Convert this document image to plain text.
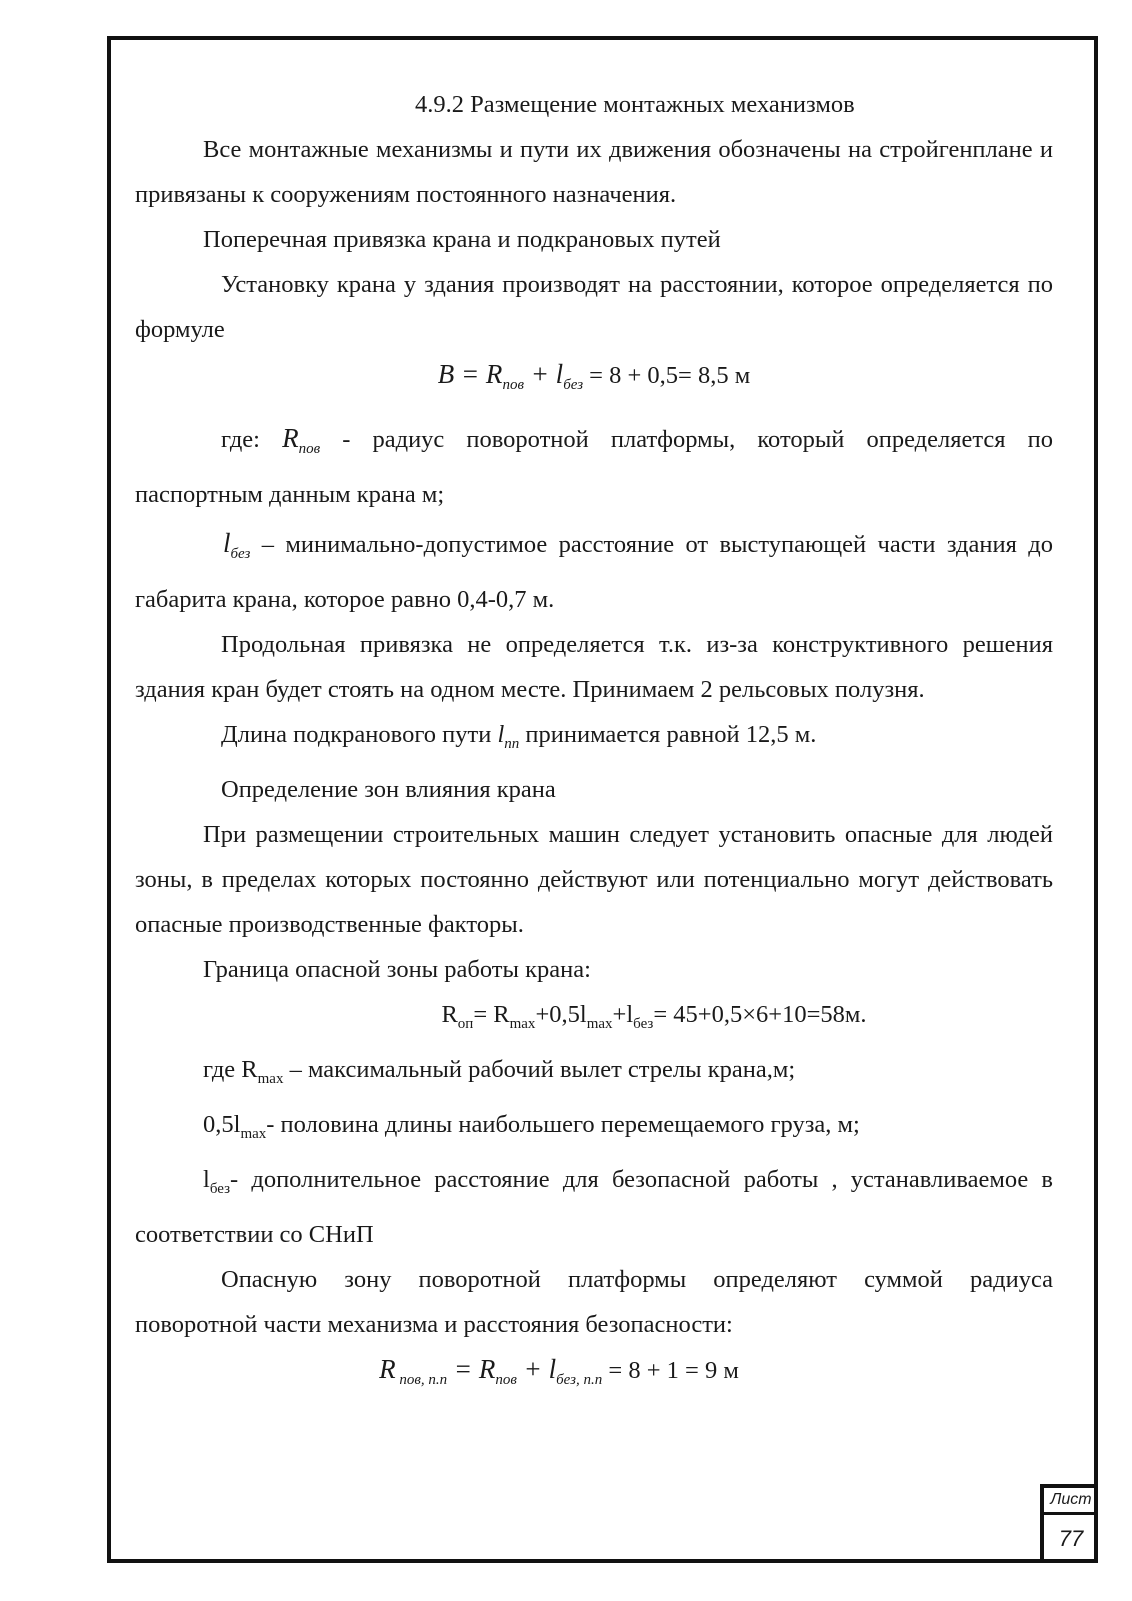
4.9.2 Размещение монтажных механизмов

Все монтажные механизмы и пути их движения обозначены на стройгенплане и привязаны к сооружениям постоянного назначения.

Поперечная привязка крана и подкрановых путей

Установку крана у здания производят на расстоянии, которое определяется по формуле

$B = R_{пов} + l_{без} = 8 + 0,5= 8,5$ м

где: $R_{пов}$ - радиус поворотной платформы, который определяется по паспортным данным крана м;

$l_{без}$ – минимально-допустимое расстояние от выступающей части здания до габарита крана, которое равно 0,4-0,7 м.

Продольная привязка не определяется т.к. из-за конструктивного решения здания кран будет стоять на одном месте. Принимаем 2 рельсовых полузня.

Длина подкранового пути $l_{пп}$ принимается равной 12,5 м.

Определение зон влияния крана

При размещении строительных машин следует установить опасные для людей зоны, в пределах которых постоянно действуют или потенциально могут действовать опасные производственные факторы.

Граница опасной зоны работы крана:

$R_{оп}= R_{max}+0,5l_{max}+l_{без}= 45+0,5\times 6+10=58м$.

где $R_{max}$ – максимальный рабочий вылет стрелы крана,м;

$0,5l_{max}-$ половина длины наибольшего перемещаемого груза, м;

$l_{без}-$ дополнительное расстояние для безопасной работы , устанавливаемое в соответствии со СНиП

Опасную зону поворотной платформы определяют суммой радиуса поворотной части механизма и расстояния безопасности:

R $_{пов, п.п} = R_{пов} + l_{без, п.п} = 8 + 1 = 9$ м

Лист
77
